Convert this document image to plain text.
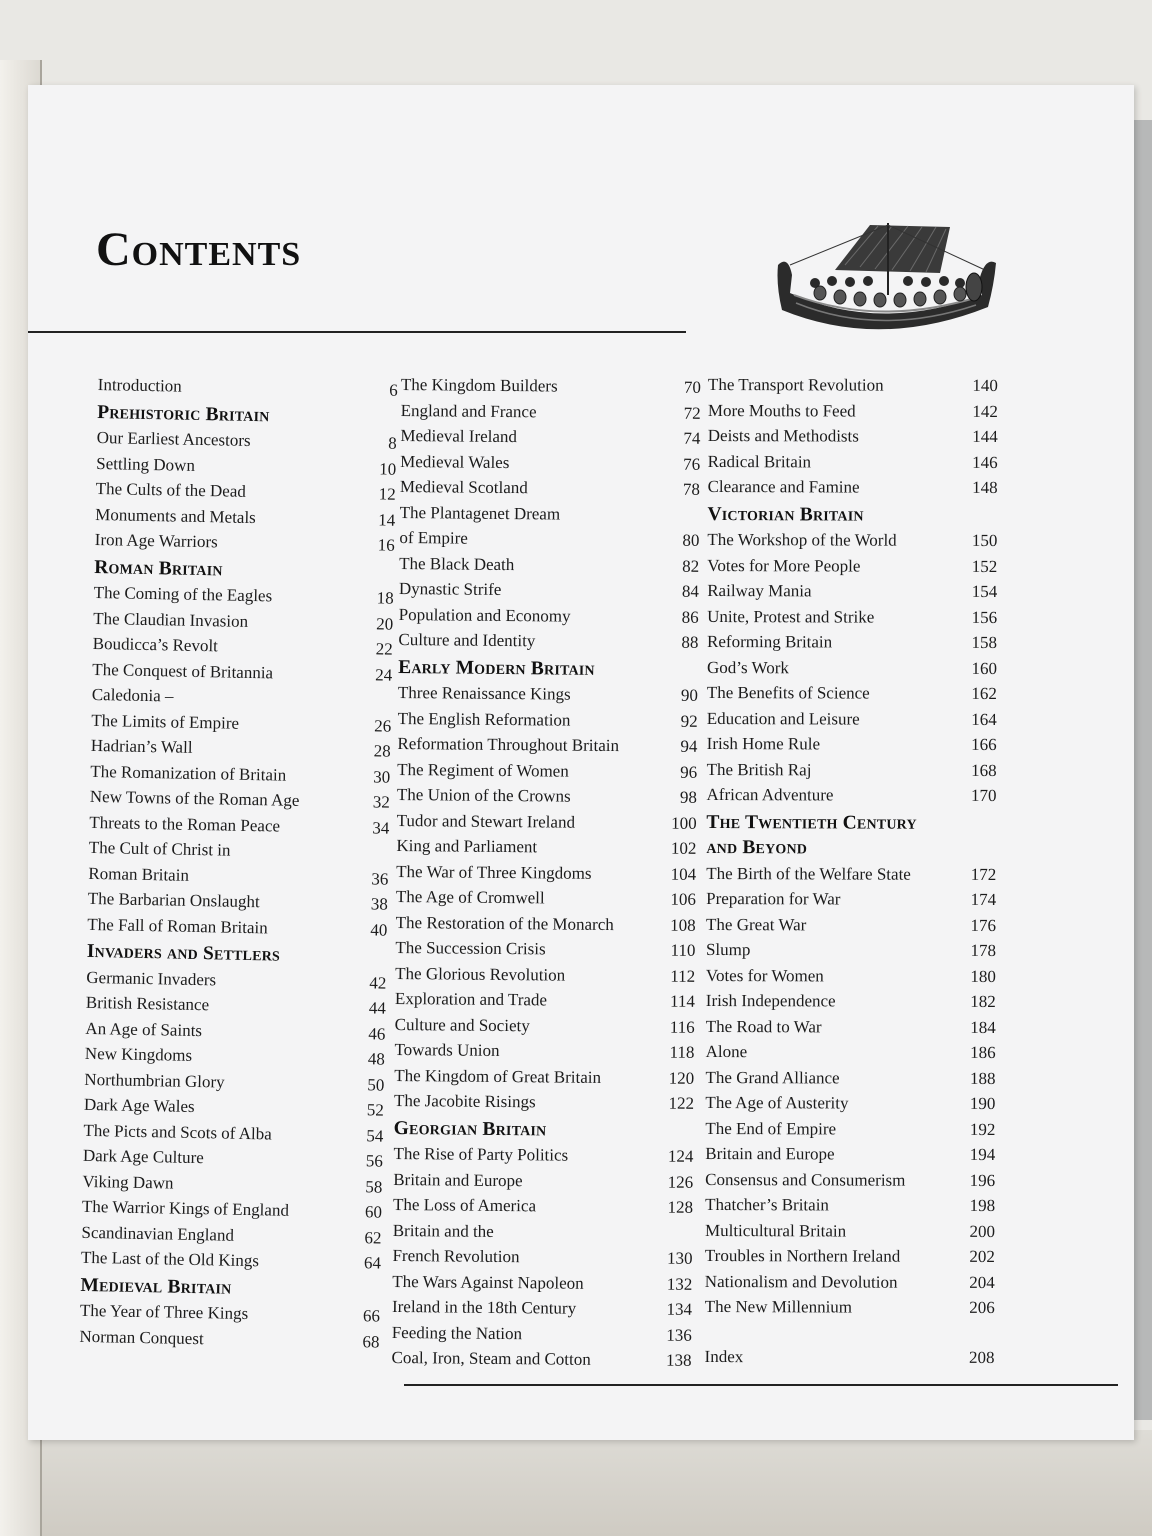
Contents
Introduction	6
Prehistoric Britain
Our Earliest Ancestors	8
Settling Down	10
The Cults of the Dead	12
Monuments and Metals	14
Iron Age Warriors	16
Roman Britain
The Coming of the Eagles	18
The Claudian Invasion	20
Boudicca’s Revolt	22
The Conquest of Britannia	24
Caledonia –
The Limits of Empire	26
Hadrian’s Wall	28
The Romanization of Britain	30
New Towns of the Roman Age	32
Threats to the Roman Peace	34
The Cult of Christ in
Roman Britain	36
The Barbarian Onslaught	38
The Fall of Roman Britain	40
Invaders and Settlers
Germanic Invaders	42
British Resistance	44
An Age of Saints	46
New Kingdoms	48
Northumbrian Glory	50
Dark Age Wales	52
The Picts and Scots of Alba	54
Dark Age Culture	56
Viking Dawn	58
The Warrior Kings of England	60
Scandinavian England	62
The Last of the Old Kings	64
Medieval Britain
The Year of Three Kings	66
Norman Conquest	68
The Kingdom Builders	70
England and France	72
Medieval Ireland	74
Medieval Wales	76
Medieval Scotland	78
The Plantagenet Dream
of Empire	80
The Black Death	82
Dynastic Strife	84
Population and Economy	86
Culture and Identity	88
Early Modern Britain
Three Renaissance Kings	90
The English Reformation	92
Reformation Throughout Britain	94
The Regiment of Women	96
The Union of the Crowns	98
Tudor and Stewart Ireland	100
King and Parliament	102
The War of Three Kingdoms	104
The Age of Cromwell	106
The Restoration of the Monarch	108
The Succession Crisis	110
The Glorious Revolution	112
Exploration and Trade	114
Culture and Society	116
Towards Union	118
The Kingdom of Great Britain	120
The Jacobite Risings	122
Georgian Britain
The Rise of Party Politics	124
Britain and Europe	126
The Loss of America	128
Britain and the
French Revolution	130
The Wars Against Napoleon	132
Ireland in the 18th Century	134
Feeding the Nation	136
Coal, Iron, Steam and Cotton	138
The Transport Revolution	140
More Mouths to Feed	142
Deists and Methodists	144
Radical Britain	146
Clearance and Famine	148
Victorian Britain
The Workshop of the World	150
Votes for More People	152
Railway Mania	154
Unite, Protest and Strike	156
Reforming Britain	158
God’s Work	160
The Benefits of Science	162
Education and Leisure	164
Irish Home Rule	166
The British Raj	168
African Adventure	170
The Twentieth Century
and Beyond
The Birth of the Welfare State	172
Preparation for War	174
The Great War	176
Slump	178
Votes for Women	180
Irish Independence	182
The Road to War	184
Alone	186
The Grand Alliance	188
The Age of Austerity	190
The End of Empire	192
Britain and Europe	194
Consensus and Consumerism	196
Thatcher’s Britain	198
Multicultural Britain	200
Troubles in Northern Ireland	202
Nationalism and Devolution	204
The New Millennium	206
Index	208
